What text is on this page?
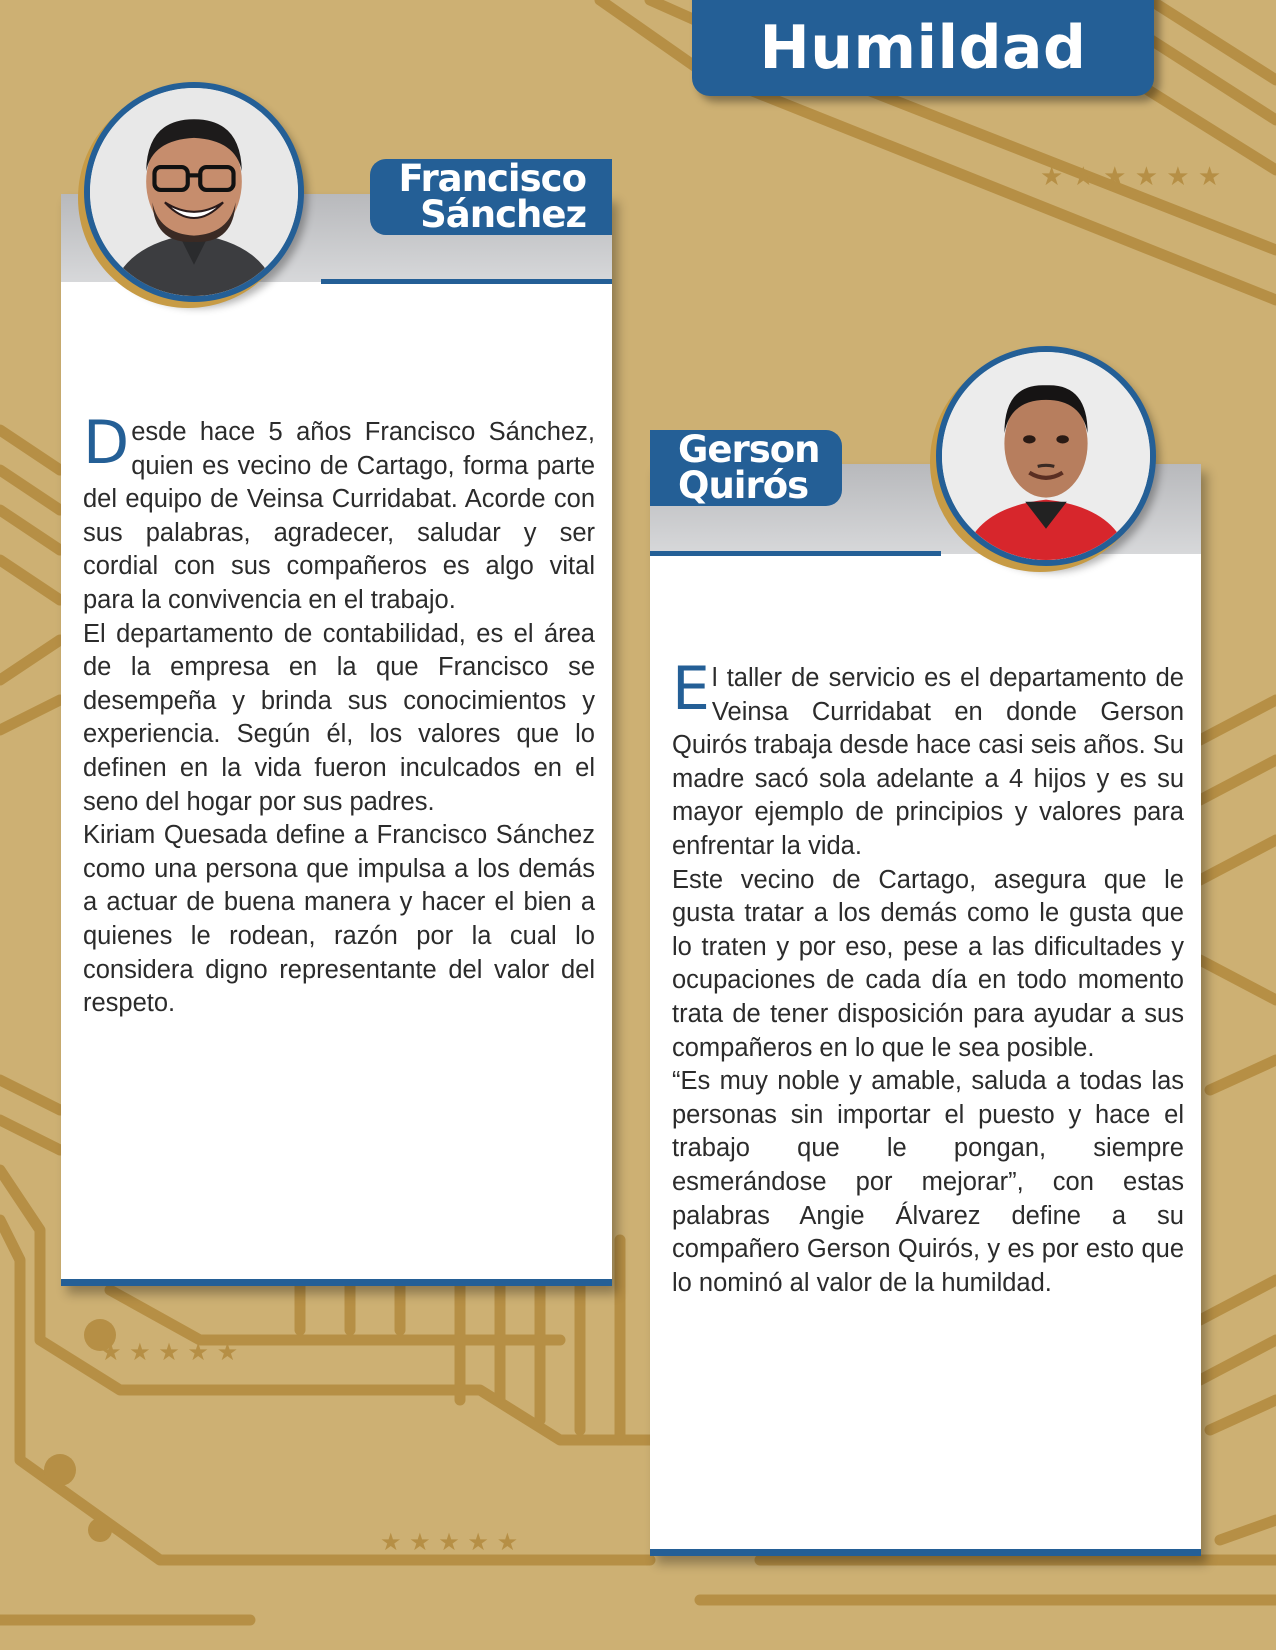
★ ★ ★ ★ ★ ★
★ ★ ★ ★ ★
★ ★ ★ ★ ★
Humildad

Desde hace 5 años Francisco Sánchez, quien es vecino de Cartago, forma parte del equipo de Veinsa Curridabat. Acorde con sus palabras, agradecer, saludar y ser cordial con sus compañeros es algo vital para la convivencia en el trabajo.

El departamento de contabilidad, es el área de la empresa en la que Francisco se desempeña y brinda sus conocimientos y experiencia. Según él, los valores que lo definen en la vida fueron inculcados en el seno del hogar por sus padres.

Kiriam Quesada define a Francisco Sánchez como una persona que impulsa a los demás a actuar de buena manera y hacer el bien a quienes le rodean, razón por la cual lo considera digno representante del valor del respeto.

Francisco
Sánchez

El taller de servicio es el departamento de Veinsa Curridabat en donde Gerson Quirós trabaja desde hace casi seis años. Su madre sacó sola adelante a 4 hijos y es su mayor ejemplo de principios y valores para enfrentar la vida.

Este vecino de Cartago, asegura que le gusta tratar a los demás como le gusta que lo traten y por eso, pese a las dificultades y ocupaciones de cada día en todo momento trata de tener disposición para ayudar a sus compañeros en lo que le sea posible.

“Es muy noble y amable, saluda a todas las personas sin importar el puesto y hace el trabajo que le pongan, siempre esmerándose por mejorar”, con estas palabras Angie Álvarez define a su compañero Gerson Quirós, y es por esto que lo nominó al valor de la humildad.

Gerson
Quirós
